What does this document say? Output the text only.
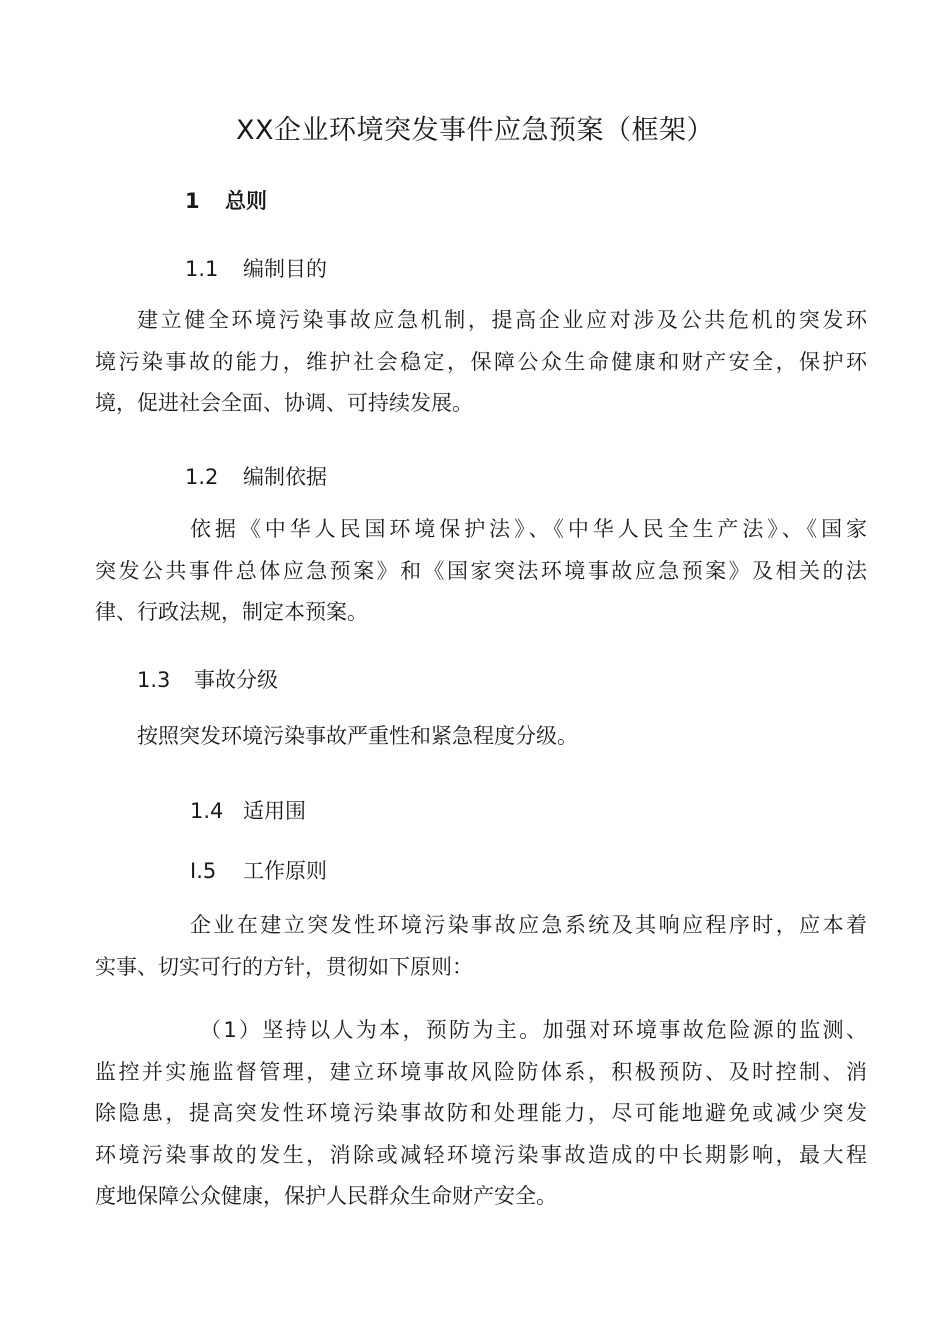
XX企业环境突发事件应急预案（框架）
1 总则
1.1 编制目的
建立健全环境污染事故应急机制，提高企业应对涉及公共危机的突发环
境污染事故的能力，维护社会稳定，保障公众生命健康和财产安全，保护环
境，促进社会全面、协调、可持续发展。
1.2 编制依据
依据《中华人民国环境保护法》、《中华人民全生产法》、《国家
突发公共事件总体应急预案》和《国家突法环境事故应急预案》及相关的法
律、行政法规，制定本预案。
1.3 事故分级
按照突发环境污染事故严重性和紧急程度分级。
1.4 适用围
I.5 工作原则
企业在建立突发性环境污染事故应急系统及其响应程序时，应本着
实事、切实可行的方针，贯彻如下原则：
（1）坚持以人为本，预防为主。加强对环境事故危险源的监测、
监控并实施监督管理，建立环境事故风险防体系，积极预防、及时控制、消
除隐患，提高突发性环境污染事故防和处理能力，尽可能地避免或减少突发
环境污染事故的发生，消除或减轻环境污染事故造成的中长期影响，最大程
度地保障公众健康，保护人民群众生命财产安全。
